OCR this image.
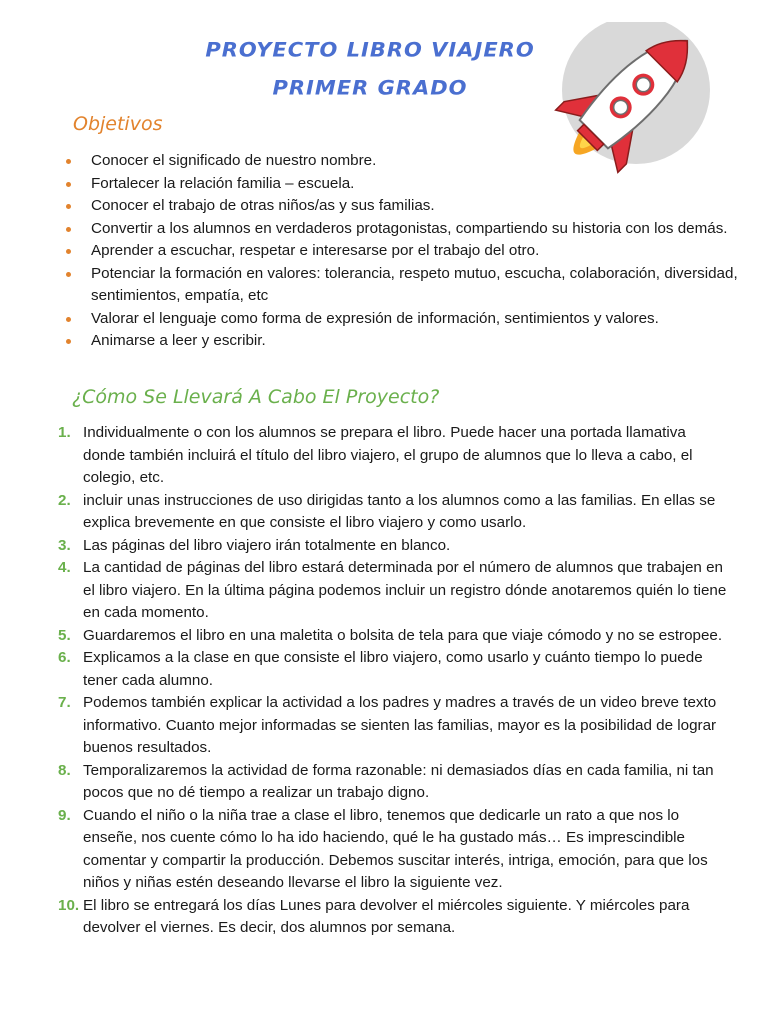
PROYECTO LIBRO VIAJERO
PRIMER GRADO
Objetivos
Conocer el significado de nuestro nombre.
Fortalecer la relación familia – escuela.
Conocer el trabajo de otras niños/as y sus familias.
Convertir a los alumnos en verdaderos protagonistas, compartiendo su historia con los demás.
Aprender a escuchar, respetar e interesarse por el trabajo del otro.
Potenciar la formación en valores: tolerancia, respeto mutuo, escucha, colaboración, diversidad, sentimientos, empatía, etc
Valorar el lenguaje como forma de expresión de información, sentimientos y valores.
Animarse a leer y escribir.
¿Cómo Se Llevará A Cabo El Proyecto?
1. Individualmente o con los alumnos se prepara el libro. Puede hacer una portada llamativa donde también incluirá el título del libro viajero, el grupo de alumnos que lo lleva a cabo, el colegio, etc.
2. incluir unas instrucciones de uso dirigidas tanto a los alumnos como a las familias. En ellas se explica brevemente en que consiste el libro viajero y como usarlo.
3. Las páginas del libro viajero irán totalmente en blanco.
4. La cantidad de páginas del libro estará determinada por el número de alumnos que trabajen en el libro viajero. En la última página podemos incluir un registro dónde anotaremos quién lo tiene en cada momento.
5. Guardaremos el libro en una maletita o bolsita de tela para que viaje cómodo y no se estropee.
6. Explicamos a la clase en que consiste el libro viajero, como usarlo y cuánto tiempo lo puede tener cada alumno.
7. Podemos también explicar la actividad a los padres y madres a través de un video breve texto informativo. Cuanto mejor informadas se sienten las familias, mayor es la posibilidad de lograr buenos resultados.
8. Temporalizaremos la actividad de forma razonable: ni demasiados días en cada familia, ni tan pocos que no dé tiempo a realizar un trabajo digno.
9. Cuando el niño o la niña trae a clase el libro, tenemos que dedicarle un rato a que nos lo enseñe, nos cuente cómo lo ha ido haciendo, qué le ha gustado más… Es imprescindible comentar y compartir la producción. Debemos suscitar interés, intriga, emoción, para que los niños y niñas estén deseando llevarse el libro la siguiente vez.
10. El libro se entregará los días Lunes para devolver el miércoles siguiente. Y miércoles para devolver el viernes. Es decir, dos alumnos por semana.
